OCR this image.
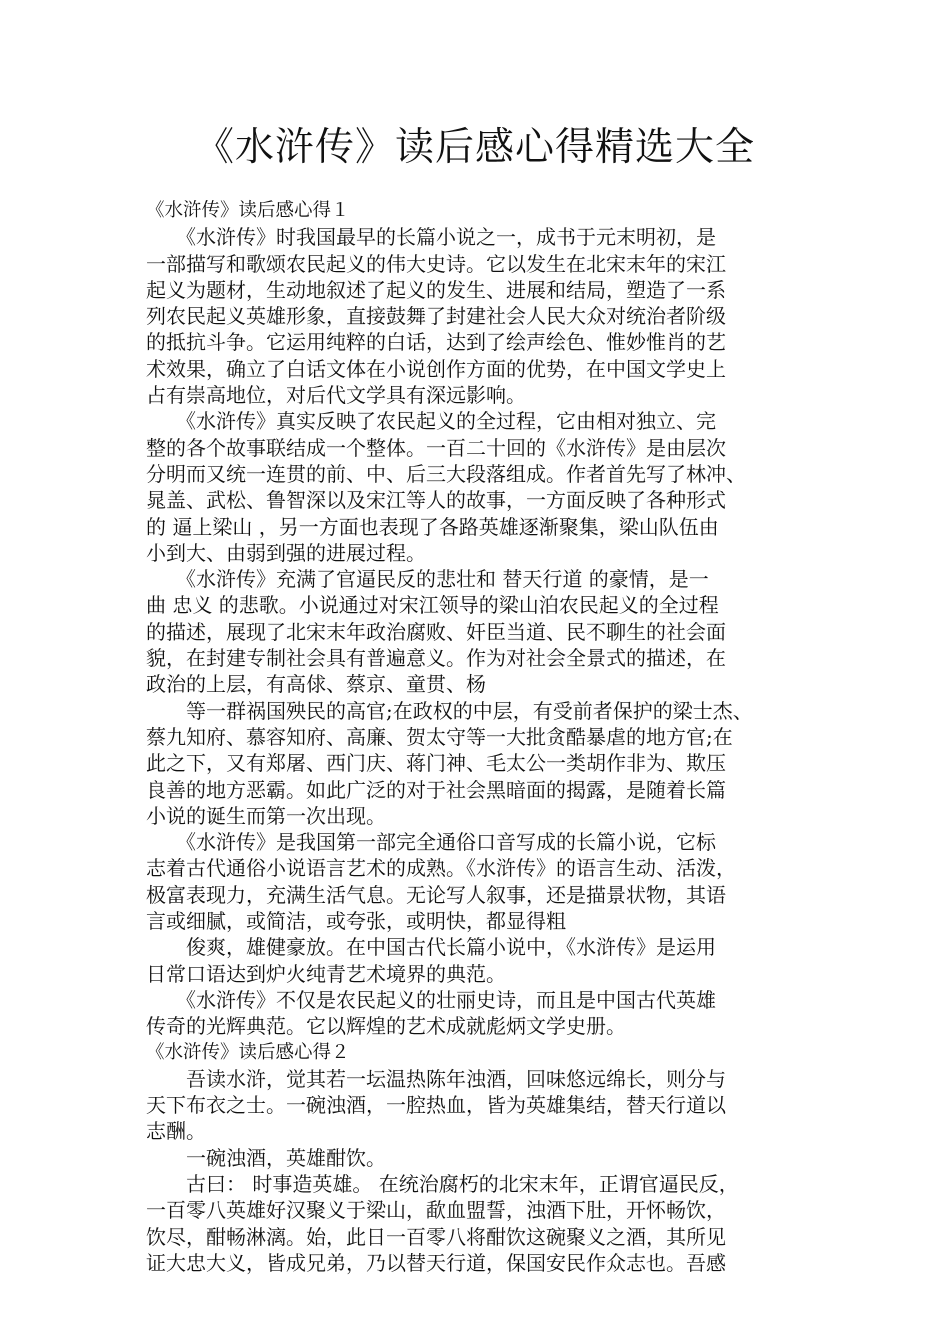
《水浒传》读后感心得精选大全
《水浒传》读后感心得１
　　《水浒传》时我国最早的长篇小说之一，成书于元末明初，是
一部描写和歌颂农民起义的伟大史诗。它以发生在北宋末年的宋江
起义为题材，生动地叙述了起义的发生、进展和结局，塑造了一系
列农民起义英雄形象，直接鼓舞了封建社会人民大众对统治者阶级
的抵抗斗争。它运用纯粹的白话，达到了绘声绘色、惟妙惟肖的艺
术效果，确立了白话文体在小说创作方面的优势，在中国文学史上
占有崇高地位，对后代文学具有深远影响。
　　《水浒传》真实反映了农民起义的全过程，它由相对独立、完
整的各个故事联结成一个整体。一百二十回的《水浒传》是由层次
分明而又统一连贯的前、中、后三大段落组成。作者首先写了林冲、
晁盖、武松、鲁智深以及宋江等人的故事，一方面反映了各种形式
的 逼上梁山 ，另一方面也表现了各路英雄逐渐聚集，梁山队伍由
小到大、由弱到强的进展过程。
　　《水浒传》充满了官逼民反的悲壮和 替天行道 的豪情，是一
曲 忠义 的悲歌。小说通过对宋江领导的梁山泊农民起义的全过程
的描述，展现了北宋末年政治腐败、奸臣当道、民不聊生的社会面
貌，在封建专制社会具有普遍意义。作为对社会全景式的描述，在
政治的上层，有高俅、蔡京、童贯、杨
　　等一群祸国殃民的高官;在政权的中层，有受前者保护的梁士杰、
蔡九知府、慕容知府、高廉、贺太守等一大批贪酷暴虐的地方官;在
此之下，又有郑屠、西门庆、蒋门神、毛太公一类胡作非为、欺压
良善的地方恶霸。如此广泛的对于社会黑暗面的揭露，是随着长篇
小说的诞生而第一次出现。
　　《水浒传》是我国第一部完全通俗口音写成的长篇小说，它标
志着古代通俗小说语言艺术的成熟。《水浒传》的语言生动、活泼，
极富表现力，充满生活气息。无论写人叙事，还是描景状物，其语
言或细腻，或简洁，或夸张，或明快，都显得粗
　　俊爽，雄健豪放。在中国古代长篇小说中，《水浒传》是运用
日常口语达到炉火纯青艺术境界的典范。
　　《水浒传》不仅是农民起义的壮丽史诗，而且是中国古代英雄
传奇的光辉典范。它以辉煌的艺术成就彪炳文学史册。
《水浒传》读后感心得２
　　吾读水浒，觉其若一坛温热陈年浊酒，回味悠远绵长，则分与
天下布衣之士。一碗浊酒，一腔热血，皆为英雄集结，替天行道以
志酬。
　　一碗浊酒，英雄酣饮。
　　古曰： 时事造英雄。 在统治腐朽的北宋末年，正谓官逼民反，
一百零八英雄好汉聚义于梁山，歃血盟誓，浊酒下肚，开怀畅饮，
饮尽，酣畅淋漓。始，此日一百零八将酣饮这碗聚义之酒，其所见
证大忠大义，皆成兄弟，乃以替天行道，保国安民作众志也。吾感
